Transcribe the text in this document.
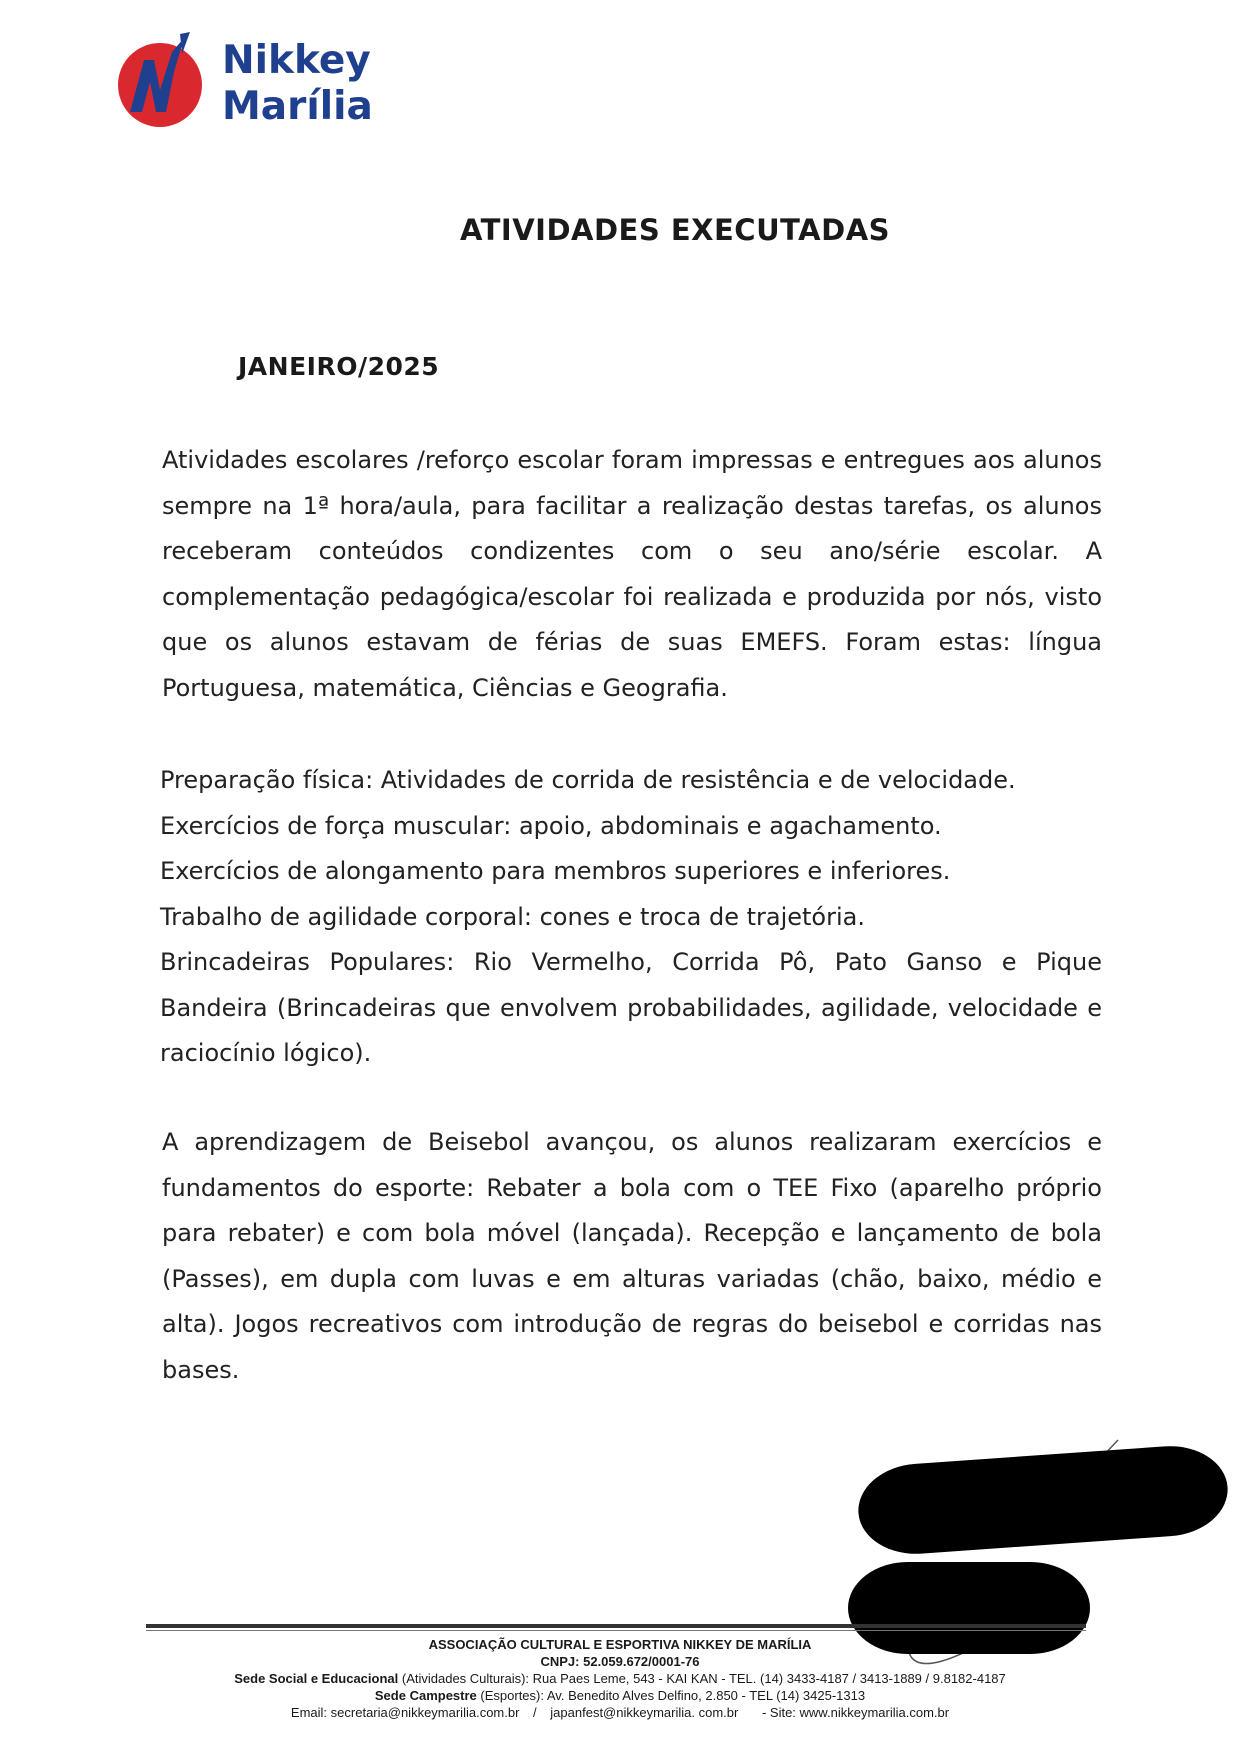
Nikkey
Marília
ATIVIDADES EXECUTADAS
JANEIRO/2025

Atividades escolares /reforço escolar foram impressas e entregues aos alunos sempre na 1ª hora/aula, para facilitar a realização destas tarefas, os alunos receberam conteúdos condizentes com o seu ano/série escolar. A complementação pedagógica/escolar foi realizada e produzida por nós, visto que os alunos estavam de férias de suas EMEFS. Foram estas: língua Portuguesa, matemática, Ciências e Geografia.

Preparação física: Atividades de corrida de resistência e de velocidade.
Exercícios de força muscular: apoio, abdominais e agachamento.
Exercícios de alongamento para membros superiores e inferiores.
Trabalho de agilidade corporal: cones e troca de trajetória.
Brincadeiras Populares: Rio Vermelho, Corrida Pô, Pato Ganso e Pique Bandeira (Brincadeiras que envolvem probabilidades, agilidade, velocidade e raciocínio lógico).

A aprendizagem de Beisebol avançou, os alunos realizaram exercícios e fundamentos do esporte: Rebater a bola com o TEE Fixo (aparelho próprio para rebater) e com bola móvel (lançada). Recepção e lançamento de bola (Passes), em dupla com luvas e em alturas variadas (chão, baixo, médio e alta). Jogos recreativos com introdução de regras do beisebol e corridas nas bases.

ASSOCIAÇÃO CULTURAL E ESPORTIVA NIKKEY DE MARÍLIA
CNPJ: 52.059.672/0001-76
Sede Social e Educacional (Atividades Culturais): Rua Paes Leme, 543 - KAI KAN - TEL. (14) 3433-4187 / 3413-1889 / 9.8182-4187
Sede Campestre (Esportes): Av. Benedito Alves Delfino, 2.850 - TEL (14) 3425-1313
Email: secretaria@nikkeymarilia.com.br / japanfest@nikkeymarilia. com.br - Site: www.nikkeymarilia.com.br
